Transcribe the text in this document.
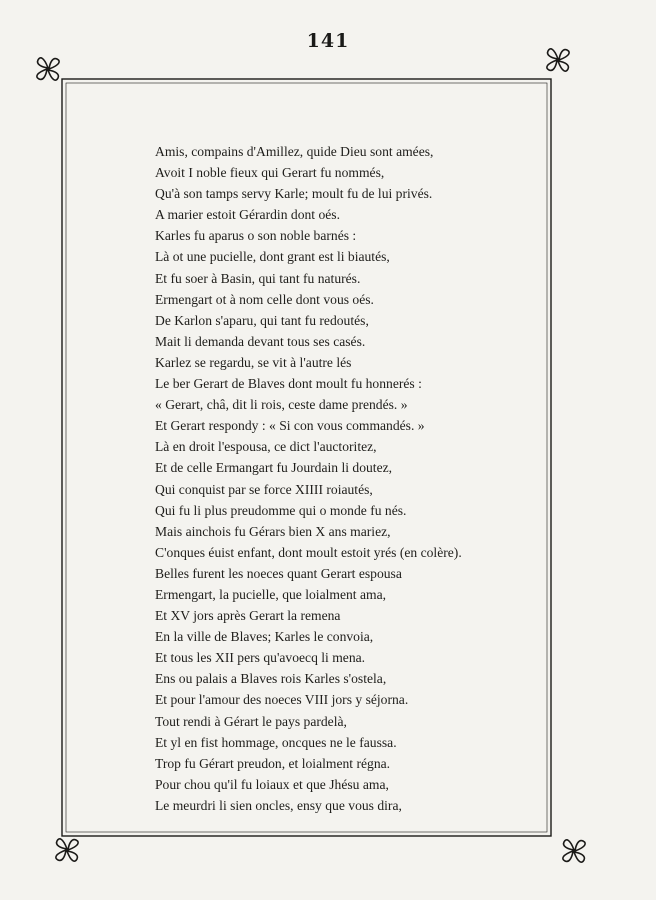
141
Amis, compains d'Amillez, quide Dieu sont amées,
Avoit I noble fieux qui Gerart fu nommés,
Qu'à son tamps servy Karle; moult fu de lui privés.
A marier estoit Gérardin dont oés.
Karles fu aparus o son noble barnés :
Là ot une pucielle, dont grant est li biautés,
Et fu soer à Basin, qui tant fu naturés.
Ermengart ot à nom celle dont vous oés.
De Karlon s'aparu, qui tant fu redoutés,
Mait li demanda devant tous ses casés.
Karlez se regardu, se vit à l'autre lés
Le ber Gerart de Blaves dont moult fu honnerés :
« Gerart, châ, dit li rois, ceste dame prendés. »
Et Gerart respondy : « Si con vous commandés. »
Là en droit l'espousa, ce dict l'auctoritez,
Et de celle Ermangart fu Jourdain li doutez,
Qui conquist par se force XIIII roiautés,
Qui fu li plus preudomme qui o monde fu nés.
Mais ainchois fu Gérars bien X ans mariez,
C'onques éuist enfant, dont moult estoit yrés (en colère).
Belles furent les noeces quant Gerart espousa
Ermengart, la pucielle, que loialment ama,
Et XV jors après Gerart la remena
En la ville de Blaves; Karles le convoia,
Et tous les XII pers qu'avoecq li mena.
Ens ou palais a Blaves rois Karles s'ostela,
Et pour l'amour des noeces VIII jors y séjorna.
Tout rendi à Gérart le pays pardelà,
Et yl en fist hommage, oncques ne le faussa.
Trop fu Gérart preudon, et loialment régna.
Pour chou qu'il fu loiaux et que Jhésu ama,
Le meurdri li sien oncles, ensy que vous dira,
